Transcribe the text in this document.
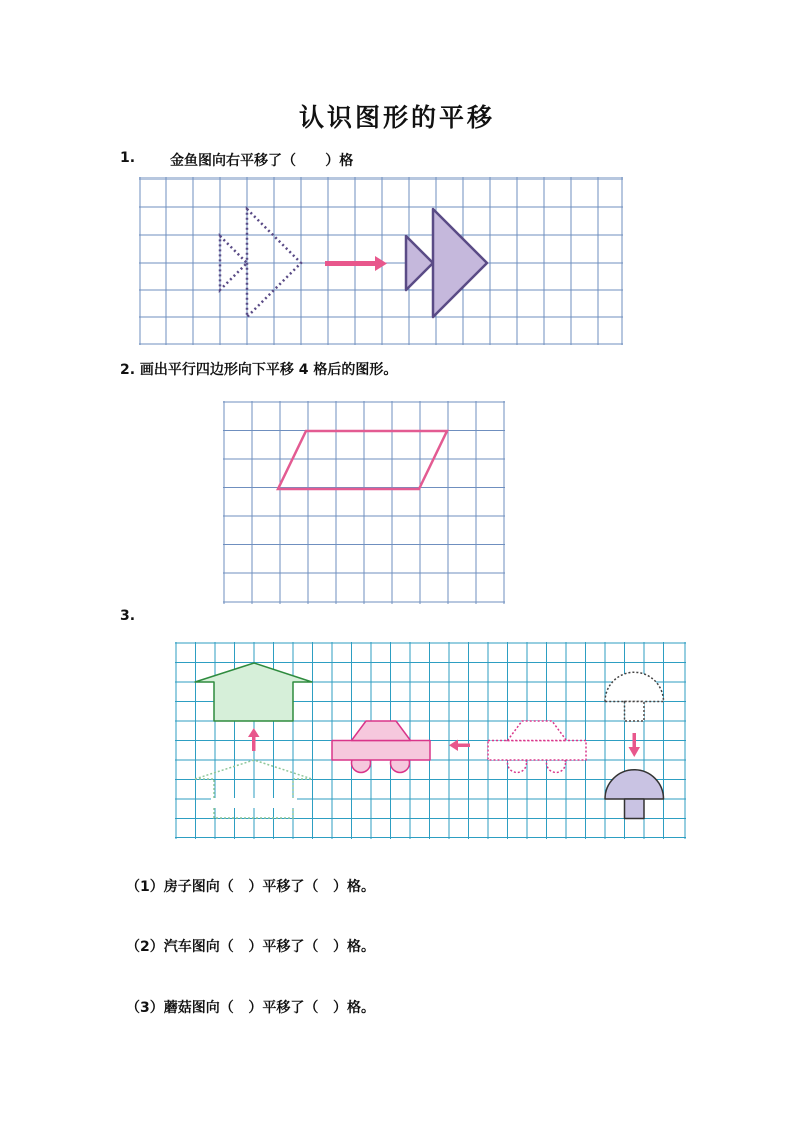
认识图形的平移
1. 金鱼图向右平移了（      ）格
2. 画出平行四边形向下平移 4 格后的图形。
3.
（1）房子图向（   ）平移了（   ）格。
（2）汽车图向（   ）平移了（   ）格。
（3）蘑菇图向（   ）平移了（   ）格。
